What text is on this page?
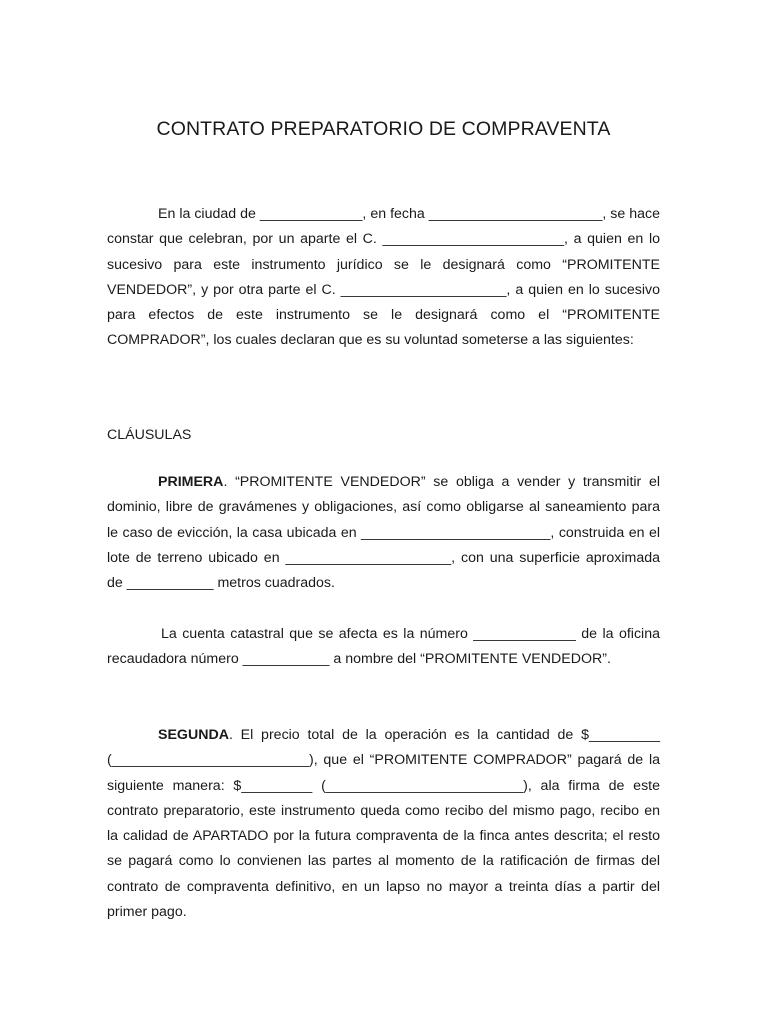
CONTRATO PREPARATORIO DE COMPRAVENTA

En la ciudad de _____________, en fecha ______________________, se hace constar que celebran, por un aparte el C. _______________________, a quien en lo sucesivo para este instrumento jurídico se le designará como “PROMITENTE VENDEDOR”, y por otra parte el C. _____________________, a quien en lo sucesivo para efectos de este instrumento se le designará como el “PROMITENTE COMPRADOR”, los cuales declaran que es su voluntad someterse a las siguientes:

CLÁUSULAS

PRIMERA. “PROMITENTE VENDEDOR” se obliga a vender y transmitir el dominio, libre de gravámenes y obligaciones, así como obligarse al saneamiento para le caso de evicción, la casa ubicada en ________________________, construida en el lote de terreno ubicado en _____________________, con una superficie aproximada de ___________ metros cuadrados.

La cuenta catastral que se afecta es la número _____________ de la oficina recaudadora número ___________ a nombre del “PROMITENTE VENDEDOR”.

SEGUNDA. El precio total de la operación es la cantidad de $_________ (_________________________), que el “PROMITENTE COMPRADOR” pagará de la siguiente manera: $_________ (_________________________), ala firma de este contrato preparatorio, este instrumento queda como recibo del mismo pago, recibo en la calidad de APARTADO por la futura compraventa de la finca antes descrita; el resto se pagará como lo convienen las partes al momento de la ratificación de firmas del contrato de compraventa definitivo, en un lapso no mayor a treinta días a partir del primer pago.
